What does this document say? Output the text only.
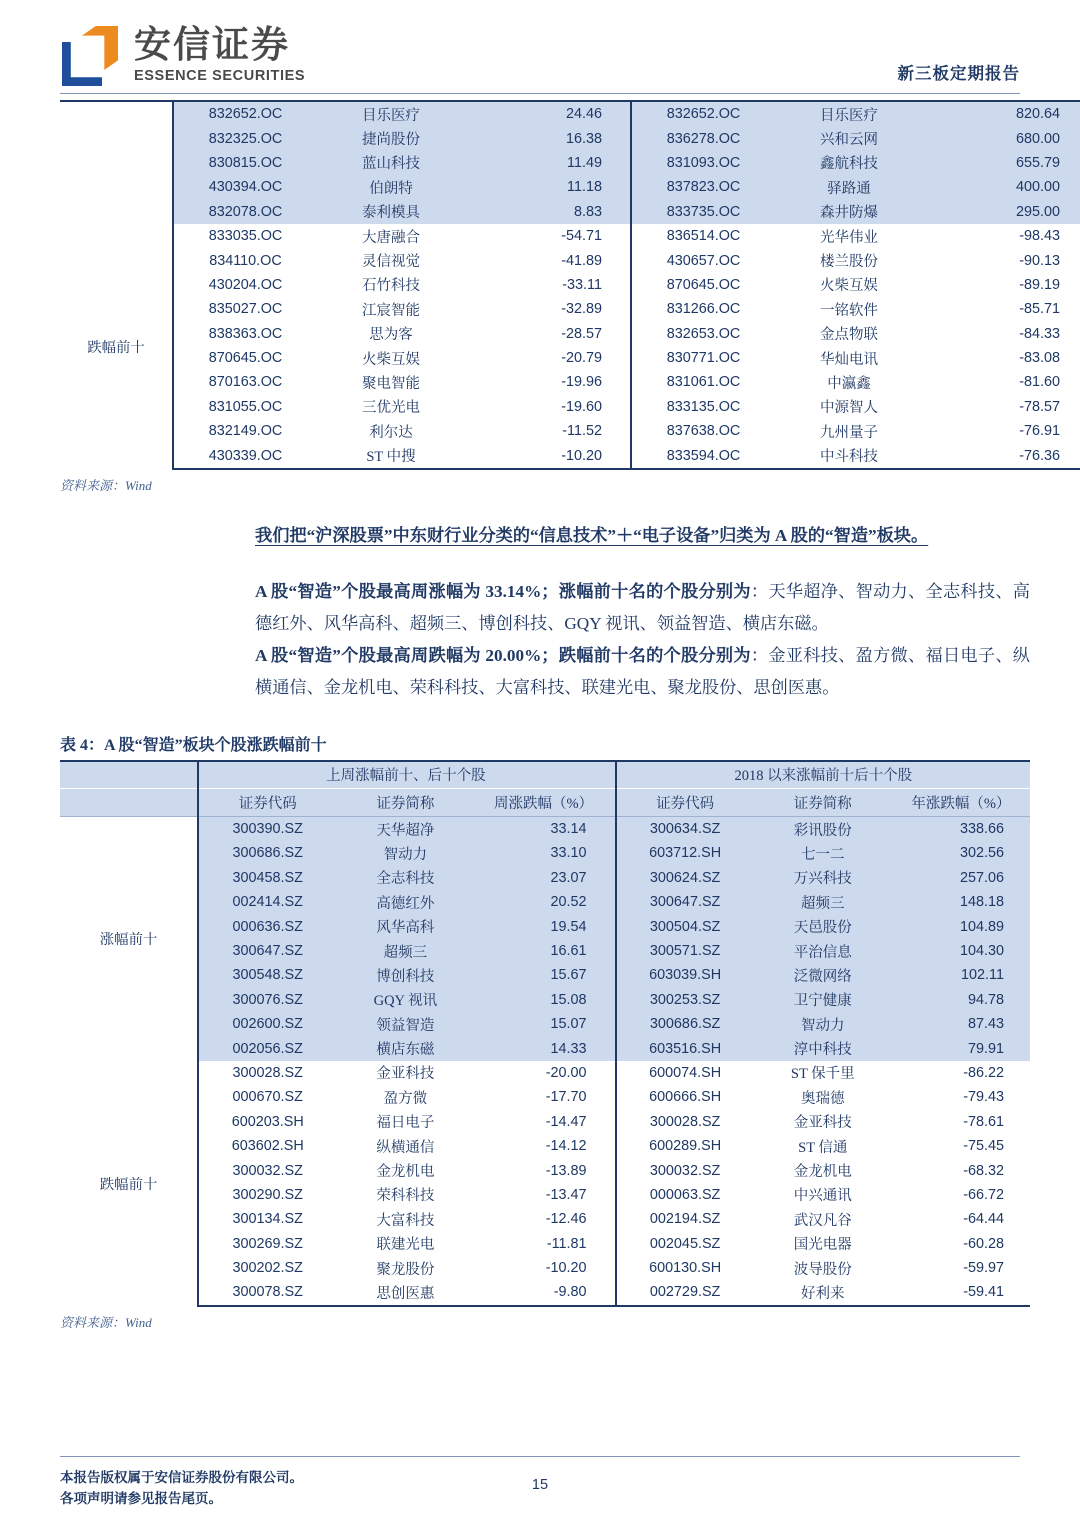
安信证券
ESSENCE SECURITIES	新三板定期报告
	832652.OC	目乐医疗	24.46		832652.OC	目乐医疗	820.64
	832325.OC	捷尚股份	16.38		836278.OC	兴和云网	680.00
	830815.OC	蓝山科技	11.49		831093.OC	鑫航科技	655.79
	430394.OC	伯朗特	11.18		837823.OC	驿路通	400.00
	832078.OC	泰利模具	8.83		833735.OC	森井防爆	295.00
跌幅前十	833035.OC	大唐融合	-54.71		836514.OC	光华伟业	-98.43
	834110.OC	灵信视觉	-41.89		430657.OC	楼兰股份	-90.13
	430204.OC	石竹科技	-33.11		870645.OC	火柴互娱	-89.19
	835027.OC	江宸智能	-32.89		831266.OC	一铭软件	-85.71
	838363.OC	思为客	-28.57		832653.OC	金点物联	-84.33
	870645.OC	火柴互娱	-20.79		830771.OC	华灿电讯	-83.08
	870163.OC	聚电智能	-19.96		831061.OC	中瀛鑫	-81.60
	831055.OC	三优光电	-19.60		833135.OC	中源智人	-78.57
	832149.OC	利尔达	-11.52		837638.OC	九州量子	-76.91
	430339.OC	ST 中搜	-10.20		833594.OC	中斗科技	-76.36
资料来源：Wind
我们把“沪深股票”中东财行业分类的“信息技术”＋“电子设备”归类为 A 股的“智造”板块。
A 股“智造”个股最高周涨幅为 33.14%；涨幅前十名的个股分别为：天华超净、智动力、全志科技、高德红外、风华高科、超频三、博创科技、GQY 视讯、领益智造、横店东磁。
A 股“智造”个股最高周跌幅为 20.00%；跌幅前十名的个股分别为：金亚科技、盈方微、福日电子、纵横通信、金龙机电、荣科科技、大富科技、联建光电、聚龙股份、思创医惠。
表 4：A 股“智造”板块个股涨跌幅前十
	上周涨幅前十、后十个股				2018 以来涨幅前十后十个股		
	证券代码	证券简称	周涨跌幅（%）		证券代码	证券简称	年涨跌幅（%）
涨幅前十	300390.SZ	天华超净	33.14		300634.SZ	彩讯股份	338.66
	300686.SZ	智动力	33.10		603712.SH	七一二	302.56
	300458.SZ	全志科技	23.07		300624.SZ	万兴科技	257.06
	002414.SZ	高德红外	20.52		300647.SZ	超频三	148.18
	000636.SZ	风华高科	19.54		300504.SZ	天邑股份	104.89
	300647.SZ	超频三	16.61		300571.SZ	平治信息	104.30
	300548.SZ	博创科技	15.67		603039.SH	泛微网络	102.11
	300076.SZ	GQY 视讯	15.08		300253.SZ	卫宁健康	94.78
	002600.SZ	领益智造	15.07		300686.SZ	智动力	87.43
	002056.SZ	横店东磁	14.33		603516.SH	淳中科技	79.91
跌幅前十	300028.SZ	金亚科技	-20.00		600074.SH	ST 保千里	-86.22
	000670.SZ	盈方微	-17.70		600666.SH	奥瑞德	-79.43
	600203.SH	福日电子	-14.47		300028.SZ	金亚科技	-78.61
	603602.SH	纵横通信	-14.12		600289.SH	ST 信通	-75.45
	300032.SZ	金龙机电	-13.89		300032.SZ	金龙机电	-68.32
	300290.SZ	荣科科技	-13.47		000063.SZ	中兴通讯	-66.72
	300134.SZ	大富科技	-12.46		002194.SZ	武汉凡谷	-64.44
	300269.SZ	联建光电	-11.81		002045.SZ	国光电器	-60.28
	300202.SZ	聚龙股份	-10.20		600130.SH	波导股份	-59.97
	300078.SZ	思创医惠	-9.80		002729.SZ	好利来	-59.41
资料来源：Wind
本报告版权属于安信证券股份有限公司。
各项声明请参见报告尾页。
15
